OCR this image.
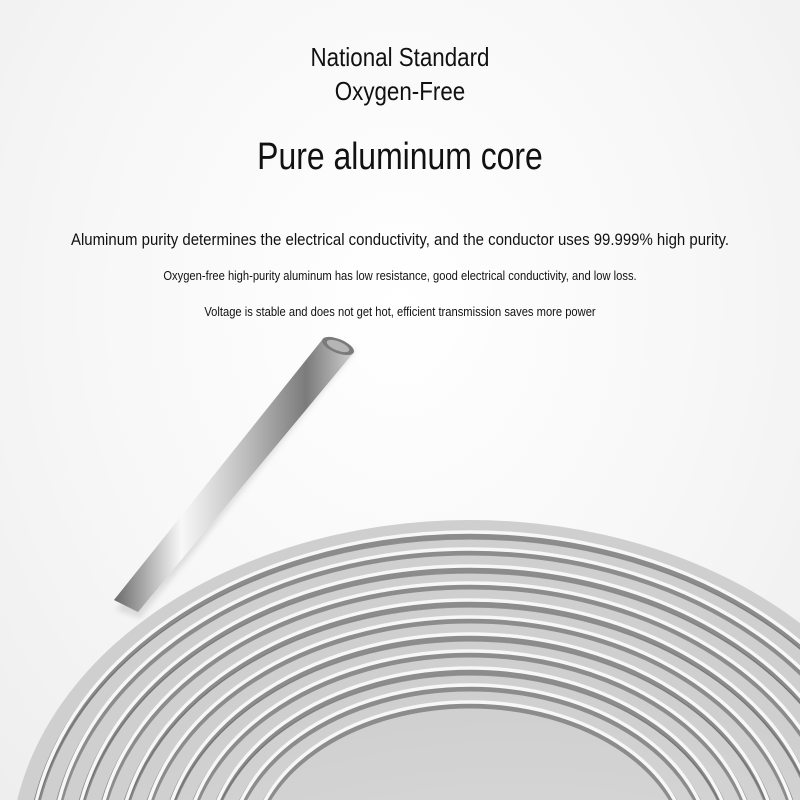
National Standard
Oxygen-Free
Pure aluminum core
Aluminum purity determines the electrical conductivity, and the conductor uses 99.999% high purity.
Oxygen-free high-purity aluminum has low resistance, good electrical conductivity, and low loss.
Voltage is stable and does not get hot, efficient transmission saves more power
